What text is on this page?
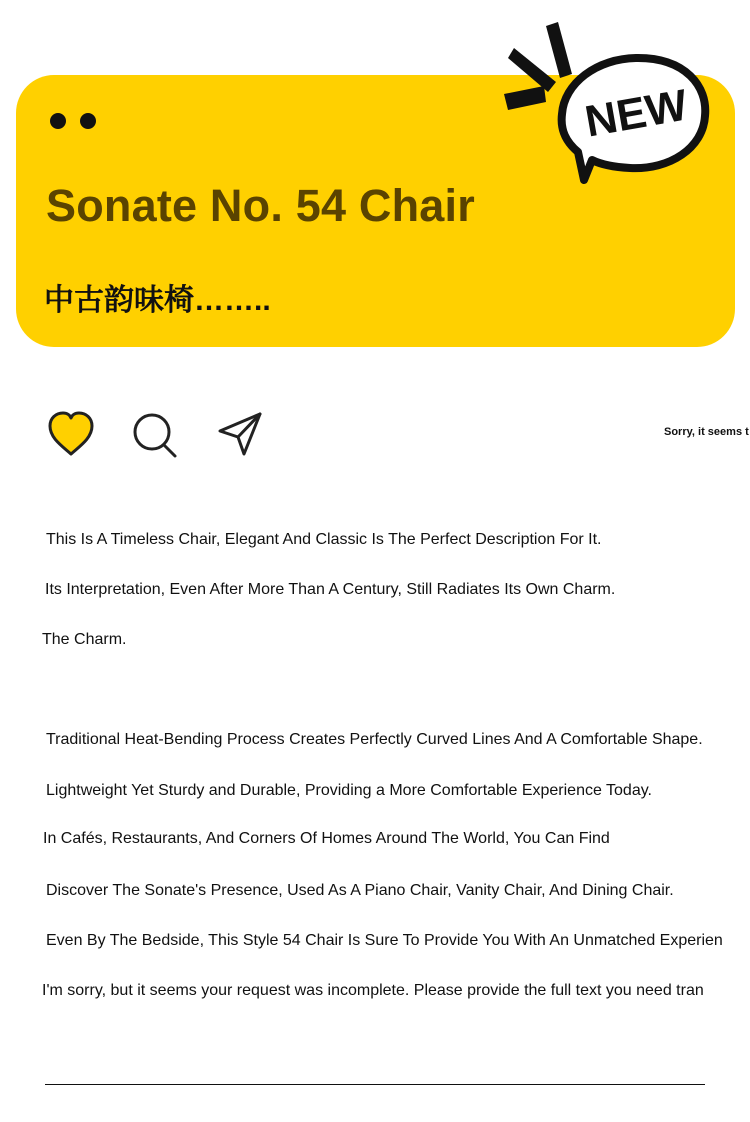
Sonate No. 54 Chair
中古韵味椅……..
NEW
Sorry, it seems t
This Is A Timeless Chair, Elegant And Classic Is The Perfect Description For It.
Its Interpretation, Even After More Than A Century, Still Radiates Its Own Charm.
The Charm.
Traditional Heat-Bending Process Creates Perfectly Curved Lines And A Comfortable Shape.
Lightweight Yet Sturdy and Durable, Providing a More Comfortable Experience Today.
In Cafés, Restaurants, And Corners Of Homes Around The World, You Can Find
Discover The Sonate's Presence, Used As A Piano Chair, Vanity Chair, And Dining Chair.
Even By The Bedside, This Style 54 Chair Is Sure To Provide You With An Unmatched Experien
I'm sorry, but it seems your request was incomplete. Please provide the full text you need tran
